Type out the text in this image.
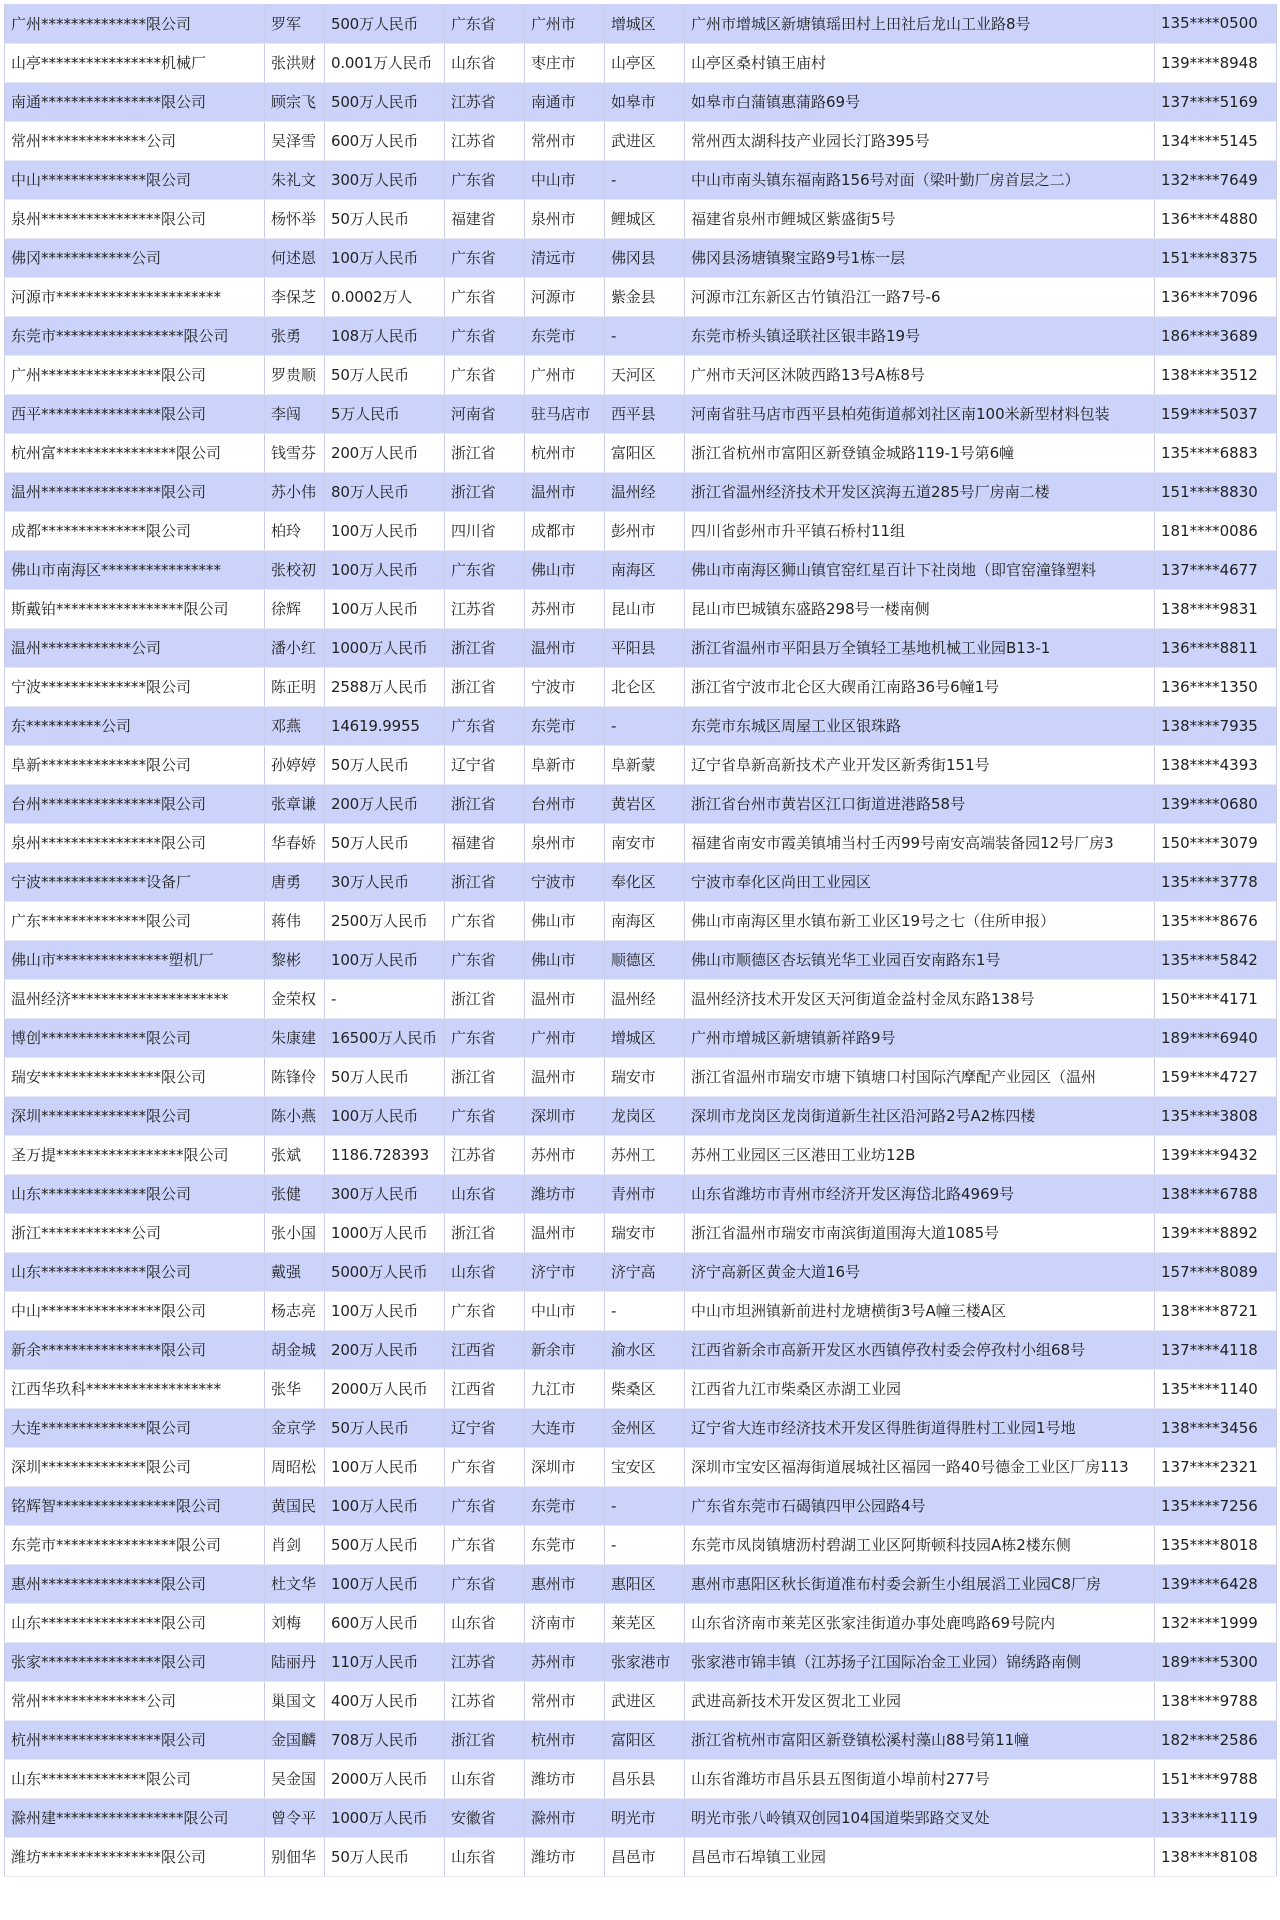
广州**************限公司	罗军	500万人民币	广东省	广州市	增城区	广州市增城区新塘镇瑶田村上田社后龙山工业路8号	135****0500
山亭****************机械厂	张洪财	0.001万人民币	山东省	枣庄市	山亭区	山亭区桑村镇王庙村	139****8948
南通****************限公司	顾宗飞	500万人民币	江苏省	南通市	如皋市	如皋市白蒲镇惠蒲路69号	137****5169
常州**************公司	吴泽雪	600万人民币	江苏省	常州市	武进区	常州西太湖科技产业园长汀路395号	134****5145
中山**************限公司	朱礼文	300万人民币	广东省	中山市	-	中山市南头镇东福南路156号对面（梁叶勤厂房首层之二）	132****7649
泉州****************限公司	杨怀举	50万人民币	福建省	泉州市	鲤城区	福建省泉州市鲤城区紫盛街5号	136****4880
佛冈************公司	何述恩	100万人民币	广东省	清远市	佛冈县	佛冈县汤塘镇聚宝路9号1栋一层	151****8375
河源市**********************	李保芝	0.0002万人	广东省	河源市	紫金县	河源市江东新区古竹镇沿江一路7号-6	136****7096
东莞市*****************限公司	张勇	108万人民币	广东省	东莞市	-	东莞市桥头镇迳联社区银丰路19号	186****3689
广州****************限公司	罗贵顺	50万人民币	广东省	广州市	天河区	广州市天河区沐陂西路13号A栋8号	138****3512
西平****************限公司	李闯	5万人民币	河南省	驻马店市	西平县	河南省驻马店市西平县柏苑街道郝刘社区南100米新型材料包装	159****5037
杭州富****************限公司	钱雪芬	200万人民币	浙江省	杭州市	富阳区	浙江省杭州市富阳区新登镇金城路119-1号第6幢	135****6883
温州****************限公司	苏小伟	80万人民币	浙江省	温州市	温州经	浙江省温州经济技术开发区滨海五道285号厂房南二楼	151****8830
成都**************限公司	柏玲	100万人民币	四川省	成都市	彭州市	四川省彭州市升平镇石桥村11组	181****0086
佛山市南海区****************	张校初	100万人民币	广东省	佛山市	南海区	佛山市南海区狮山镇官窑红星百计下社岗地（即官窑潼锋塑料	137****4677
斯戴铂*****************限公司	徐辉	100万人民币	江苏省	苏州市	昆山市	昆山市巴城镇东盛路298号一楼南侧	138****9831
温州************公司	潘小红	1000万人民币	浙江省	温州市	平阳县	浙江省温州市平阳县万全镇轻工基地机械工业园B13-1	136****8811
宁波**************限公司	陈正明	2588万人民币	浙江省	宁波市	北仑区	浙江省宁波市北仑区大碶甬江南路36号6幢1号	136****1350
东**********公司	邓燕	14619.9955	广东省	东莞市	-	东莞市东城区周屋工业区银珠路	138****7935
阜新**************限公司	孙婷婷	50万人民币	辽宁省	阜新市	阜新蒙	辽宁省阜新高新技术产业开发区新秀街151号	138****4393
台州****************限公司	张章谦	200万人民币	浙江省	台州市	黄岩区	浙江省台州市黄岩区江口街道进港路58号	139****0680
泉州****************限公司	华春娇	50万人民币	福建省	泉州市	南安市	福建省南安市霞美镇埔当村壬丙99号南安高端装备园12号厂房3	150****3079
宁波**************设备厂	唐勇	30万人民币	浙江省	宁波市	奉化区	宁波市奉化区尚田工业园区	135****3778
广东**************限公司	蒋伟	2500万人民币	广东省	佛山市	南海区	佛山市南海区里水镇布新工业区19号之七（住所申报）	135****8676
佛山市***************塑机厂	黎彬	100万人民币	广东省	佛山市	顺德区	佛山市顺德区杏坛镇光华工业园百安南路东1号	135****5842
温州经济*********************	金荣权	-	浙江省	温州市	温州经	温州经济技术开发区天河街道金益村金凤东路138号	150****4171
博创**************限公司	朱康建	16500万人民币	广东省	广州市	增城区	广州市增城区新塘镇新祥路9号	189****6940
瑞安****************限公司	陈锋伶	50万人民币	浙江省	温州市	瑞安市	浙江省温州市瑞安市塘下镇塘口村国际汽摩配产业园区（温州	159****4727
深圳**************限公司	陈小燕	100万人民币	广东省	深圳市	龙岗区	深圳市龙岗区龙岗街道新生社区沿河路2号A2栋四楼	135****3808
圣万提*****************限公司	张斌	1186.728393	江苏省	苏州市	苏州工	苏州工业园区三区港田工业坊12B	139****9432
山东**************限公司	张健	300万人民币	山东省	潍坊市	青州市	山东省潍坊市青州市经济开发区海岱北路4969号	138****6788
浙江************公司	张小国	1000万人民币	浙江省	温州市	瑞安市	浙江省温州市瑞安市南滨街道围海大道1085号	139****8892
山东**************限公司	戴强	5000万人民币	山东省	济宁市	济宁高	济宁高新区黄金大道16号	157****8089
中山****************限公司	杨志亮	100万人民币	广东省	中山市	-	中山市坦洲镇新前进村龙塘横街3号A幢三楼A区	138****8721
新余****************限公司	胡金城	200万人民币	江西省	新余市	渝水区	江西省新余市高新开发区水西镇停孜村委会停孜村小组68号	137****4118
江西华玖科******************	张华	2000万人民币	江西省	九江市	柴桑区	江西省九江市柴桑区赤湖工业园	135****1140
大连**************限公司	金京学	50万人民币	辽宁省	大连市	金州区	辽宁省大连市经济技术开发区得胜街道得胜村工业园1号地	138****3456
深圳**************限公司	周昭松	100万人民币	广东省	深圳市	宝安区	深圳市宝安区福海街道展城社区福园一路40号德金工业区厂房113	137****2321
铭辉智****************限公司	黄国民	100万人民币	广东省	东莞市	-	广东省东莞市石碣镇四甲公园路4号	135****7256
东莞市****************限公司	肖剑	500万人民币	广东省	东莞市	-	东莞市凤岗镇塘沥村碧湖工业区阿斯顿科技园A栋2楼东侧	135****8018
惠州****************限公司	杜文华	100万人民币	广东省	惠州市	惠阳区	惠州市惠阳区秋长街道准布村委会新生小组展滔工业园C8厂房	139****6428
山东****************限公司	刘梅	600万人民币	山东省	济南市	莱芜区	山东省济南市莱芜区张家洼街道办事处鹿鸣路69号院内	132****1999
张家****************限公司	陆丽丹	110万人民币	江苏省	苏州市	张家港市	张家港市锦丰镇（江苏扬子江国际冶金工业园）锦绣路南侧	189****5300
常州**************公司	巢国文	400万人民币	江苏省	常州市	武进区	武进高新技术开发区贺北工业园	138****9788
杭州****************限公司	金国麟	708万人民币	浙江省	杭州市	富阳区	浙江省杭州市富阳区新登镇松溪村藻山88号第11幢	182****2586
山东**************限公司	吴金国	2000万人民币	山东省	潍坊市	昌乐县	山东省潍坊市昌乐县五图街道小埠前村277号	151****9788
滁州建*****************限公司	曾令平	1000万人民币	安徽省	滁州市	明光市	明光市张八岭镇双创园104国道柴郢路交叉处	133****1119
潍坊****************限公司	别佃华	50万人民币	山东省	潍坊市	昌邑市	昌邑市石埠镇工业园	138****8108
